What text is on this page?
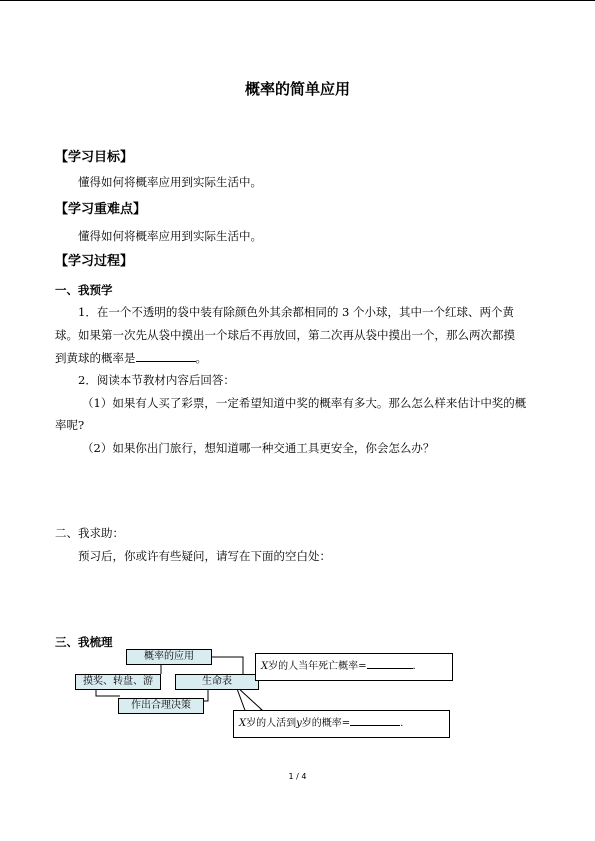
概率的简单应用
【学习目标】
懂得如何将概率应用到实际生活中。
【学习重难点】
懂得如何将概率应用到实际生活中。
【学习过程】
一、我预学
1．在一个不透明的袋中装有除颜色外其余都相同的 3 个小球，其中一个红球、两个黄
球。如果第一次先从袋中摸出一个球后不再放回，第二次再从袋中摸出一个，那么两次都摸
到黄球的概率是	。
2．阅读本节教材内容后回答：
（1）如果有人买了彩票，一定希望知道中奖的概率有多大。那么怎么样来估计中奖的概
率呢?
（2）如果你出门旅行，想知道哪一种交通工具更安全，你会怎么办？
二、我求助：
预习后，你或许有些疑问，请写在下面的空白处：
三、我梳理
概率的应用
摸奖、转盘、游	生命表
作出合理决策
X岁的人当年死亡概率=	.
X岁的人活到y岁的概率=	.
1 / 4
